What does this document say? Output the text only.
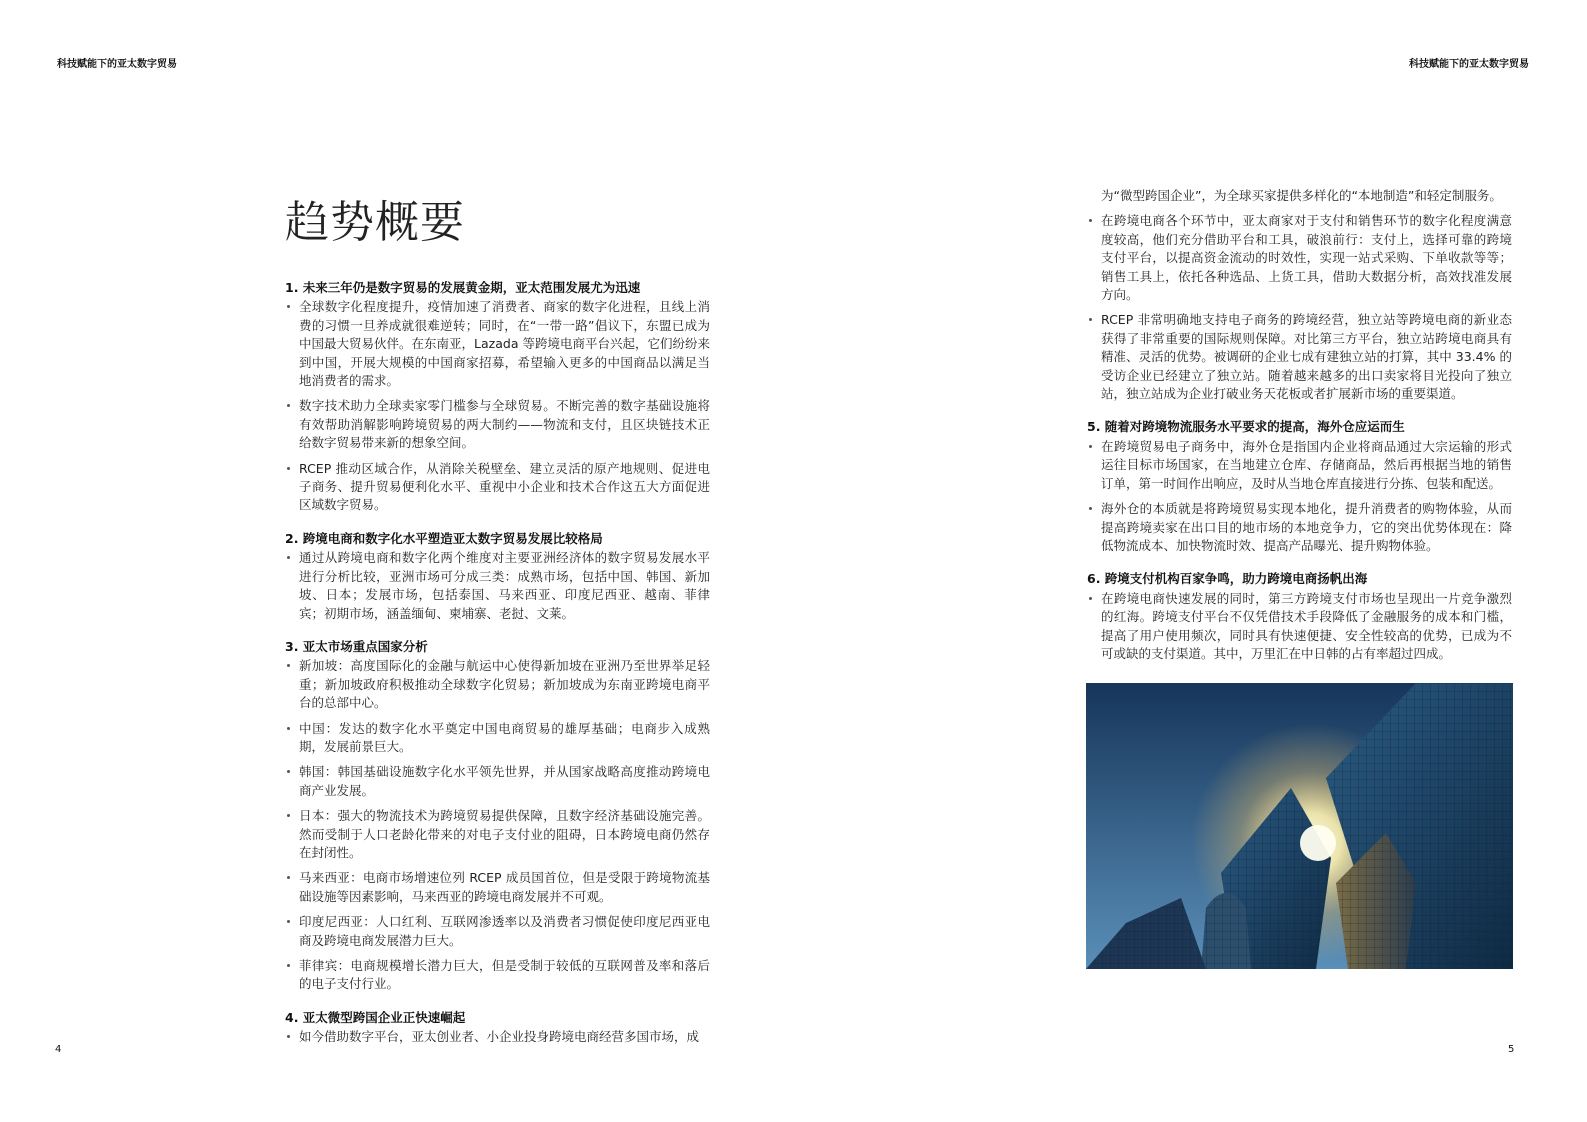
科技赋能下的亚太数字贸易	科技赋能下的亚太数字贸易
趋势概要
1. 未来三年仍是数字贸易的发展黄金期，亚太范围发展尤为迅速
全球数字化程度提升，疫情加速了消费者、商家的数字化进程，且线上消费的习惯一旦养成就很难逆转；同时，在“一带一路”倡议下，东盟已成为中国最大贸易伙伴。在东南亚，Lazada 等跨境电商平台兴起，它们纷纷来到中国，开展大规模的中国商家招募，希望输入更多的中国商品以满足当地消费者的需求。
数字技术助力全球卖家零门槛参与全球贸易。不断完善的数字基础设施将有效帮助消解影响跨境贸易的两大制约——物流和支付，且区块链技术正给数字贸易带来新的想象空间。
RCEP 推动区域合作，从消除关税壁垒、建立灵活的原产地规则、促进电子商务、提升贸易便利化水平、重视中小企业和技术合作这五大方面促进区域数字贸易。
2. 跨境电商和数字化水平塑造亚太数字贸易发展比较格局
通过从跨境电商和数字化两个维度对主要亚洲经济体的数字贸易发展水平进行分析比较，亚洲市场可分成三类：成熟市场，包括中国、韩国、新加坡、日本；发展市场，包括泰国、马来西亚、印度尼西亚、越南、菲律宾；初期市场，涵盖缅甸、柬埔寨、老挝、文莱。
3. 亚太市场重点国家分析
新加坡：高度国际化的金融与航运中心使得新加坡在亚洲乃至世界举足轻重；新加坡政府积极推动全球数字化贸易；新加坡成为东南亚跨境电商平台的总部中心。
中国：发达的数字化水平奠定中国电商贸易的雄厚基础；电商步入成熟期，发展前景巨大。
韩国：韩国基础设施数字化水平领先世界，并从国家战略高度推动跨境电商产业发展。
日本：强大的物流技术为跨境贸易提供保障，且数字经济基础设施完善。然而受制于人口老龄化带来的对电子支付业的阻碍，日本跨境电商仍然存在封闭性。
马来西亚：电商市场增速位列 RCEP 成员国首位，但是受限于跨境物流基础设施等因素影响，马来西亚的跨境电商发展并不可观。
印度尼西亚：人口红利、互联网渗透率以及消费者习惯促使印度尼西亚电商及跨境电商发展潜力巨大。
菲律宾：电商规模增长潜力巨大，但是受制于较低的互联网普及率和落后的电子支付行业。
4. 亚太微型跨国企业正快速崛起
如今借助数字平台，亚太创业者、小企业投身跨境电商经营多国市场，成
为“微型跨国企业”，为全球买家提供多样化的“本地制造”和轻定制服务。
在跨境电商各个环节中，亚太商家对于支付和销售环节的数字化程度满意度较高，他们充分借助平台和工具，破浪前行：支付上，选择可靠的跨境支付平台，以提高资金流动的时效性，实现一站式采购、下单收款等等；销售工具上，依托各种选品、上货工具，借助大数据分析，高效找准发展方向。
RCEP 非常明确地支持电子商务的跨境经营，独立站等跨境电商的新业态获得了非常重要的国际规则保障。对比第三方平台，独立站跨境电商具有精准、灵活的优势。被调研的企业七成有建独立站的打算，其中 33.4% 的受访企业已经建立了独立站。随着越来越多的出口卖家将目光投向了独立站，独立站成为企业打破业务天花板或者扩展新市场的重要渠道。
5. 随着对跨境物流服务水平要求的提高，海外仓应运而生
在跨境贸易电子商务中，海外仓是指国内企业将商品通过大宗运输的形式运往目标市场国家，在当地建立仓库、存储商品，然后再根据当地的销售订单，第一时间作出响应，及时从当地仓库直接进行分拣、包装和配送。
海外仓的本质就是将跨境贸易实现本地化，提升消费者的购物体验，从而提高跨境卖家在出口目的地市场的本地竞争力，它的突出优势体现在：降低物流成本、加快物流时效、提高产品曝光、提升购物体验。
6. 跨境支付机构百家争鸣，助力跨境电商扬帆出海
在跨境电商快速发展的同时，第三方跨境支付市场也呈现出一片竞争激烈的红海。跨境支付平台不仅凭借技术手段降低了金融服务的成本和门槛，提高了用户使用频次，同时具有快速便捷、安全性较高的优势，已成为不可或缺的支付渠道。其中，万里汇在中日韩的占有率超过四成。
4	5
